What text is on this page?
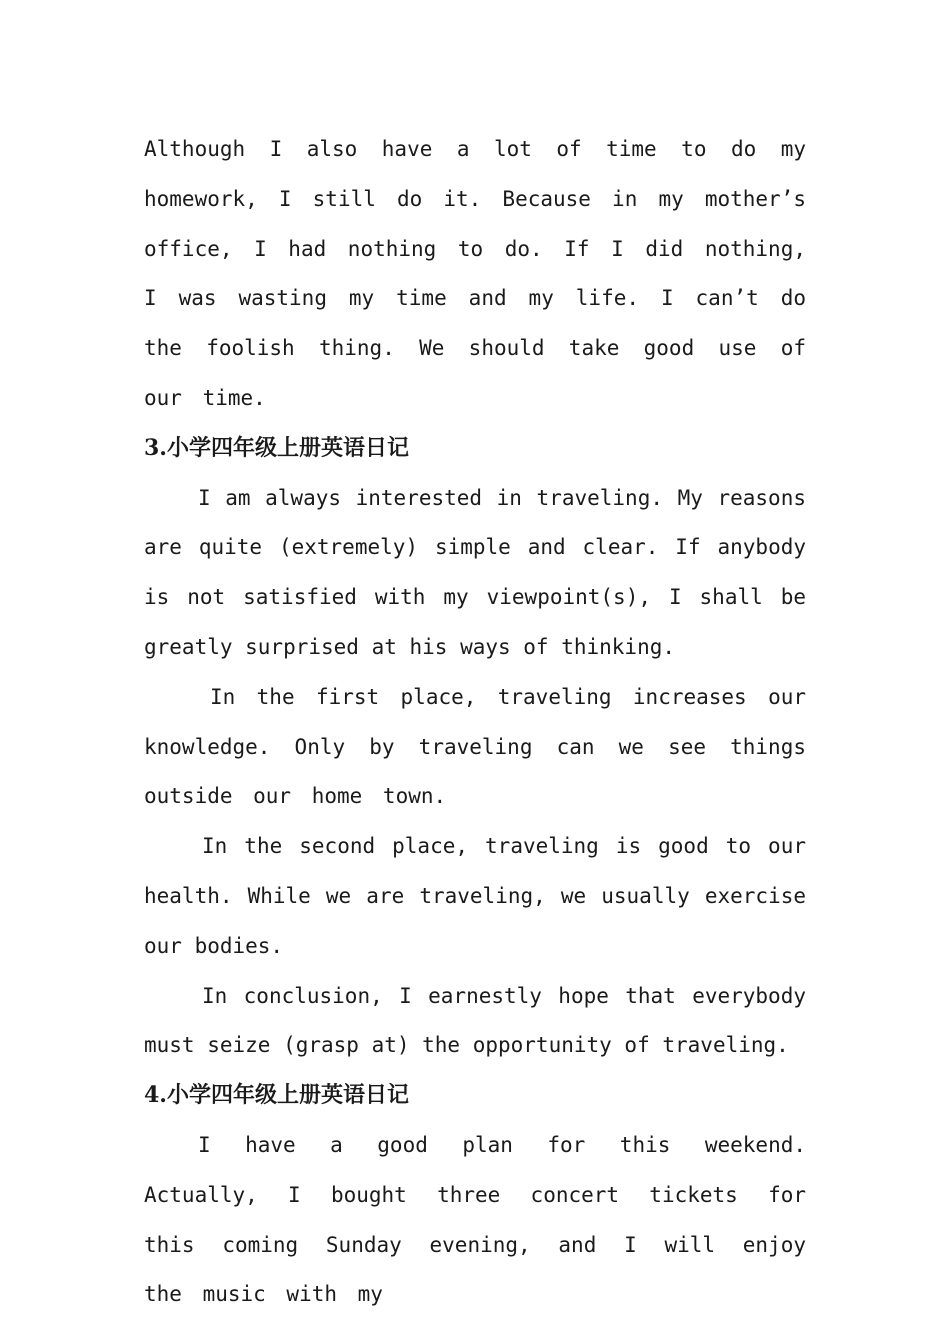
Although I also have a lot of time to do my homework, I still do it. Because in my mother’s office, I had nothing to do. If I did nothing, I was wasting my time and my life. I can’t do the foolish thing. We should take good use of our time.

3.小学四年级上册英语日记

I am always interested in traveling. My reasons are quite (extremely) simple and clear. If anybody is not satisfied with my viewpoint(s), I shall be greatly surprised at his ways of thinking.

In the first place, traveling increases our knowledge. Only by traveling can we see things outside our home town.

In the second place, traveling is good to our health. While we are traveling, we usually exercise our bodies.

In conclusion, I earnestly hope that everybody must seize (grasp at) the opportunity of traveling.

4.小学四年级上册英语日记

I have a good plan for this weekend. Actually, I bought three concert tickets for this coming Sunday evening, and I will enjoy the music with my
